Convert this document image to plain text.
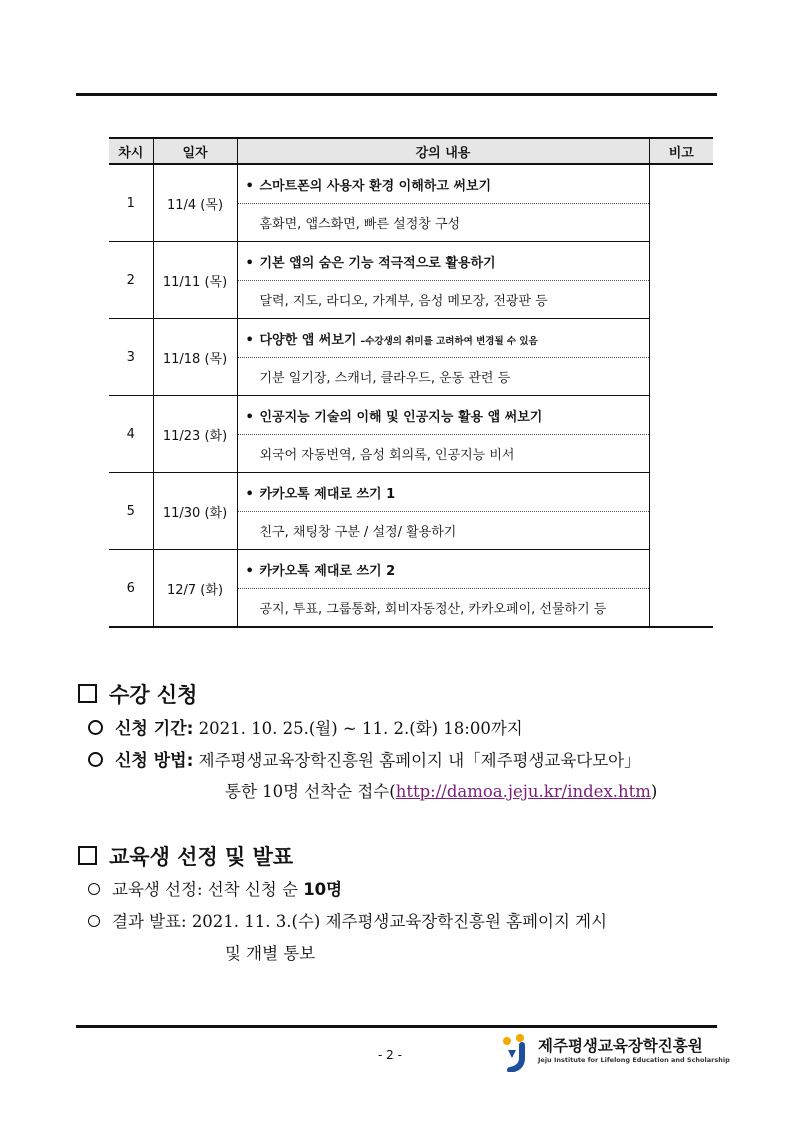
차시	일자	강의 내용	비고
1	11/4 (목)	• 스마트폰의 사용자 환경 이해하고 써보기	
		홈화면, 앱스화면, 빠른 설정창 구성	
2	11/11 (목)	• 기본 앱의 숨은 기능 적극적으로 활용하기	
		달력, 지도, 라디오, 가계부, 음성 메모장, 전광판 등	
3	11/18 (목)	• 다양한 앱 써보기 –수강생의 취미를 고려하여 변경될 수 있음	
		기분 일기장, 스캐너, 클라우드, 운동 관련 등	
4	11/23 (화)	• 인공지능 기술의 이해 및 인공지능 활용 앱 써보기	
		외국어 자동번역, 음성 회의록, 인공지능 비서	
5	11/30 (화)	• 카카오톡 제대로 쓰기 1	
		친구, 채팅창 구분 / 설정/ 활용하기	
6	12/7 (화)	• 카카오톡 제대로 쓰기 2	
		공지, 투표, 그룹통화, 회비자동정산, 카카오페이, 선물하기 등	
수강 신청
신청 기간: 2021. 10. 25.(월) ~ 11. 2.(화) 18:00까지
신청 방법: 제주평생교육장학진흥원 홈페이지 내「제주평생교육다모아」
통한 10명 선착순 접수(http://damoa.jeju.kr/index.htm)
교육생 선정 및 발표
교육생 선정: 선착 신청 순 10명
결과 발표: 2021. 11. 3.(수) 제주평생교육장학진흥원 홈페이지 게시
및 개별 통보
- 2 -	제주평생교육장학진흥원
Jeju Institute for Lifelong Education and Scholarship
